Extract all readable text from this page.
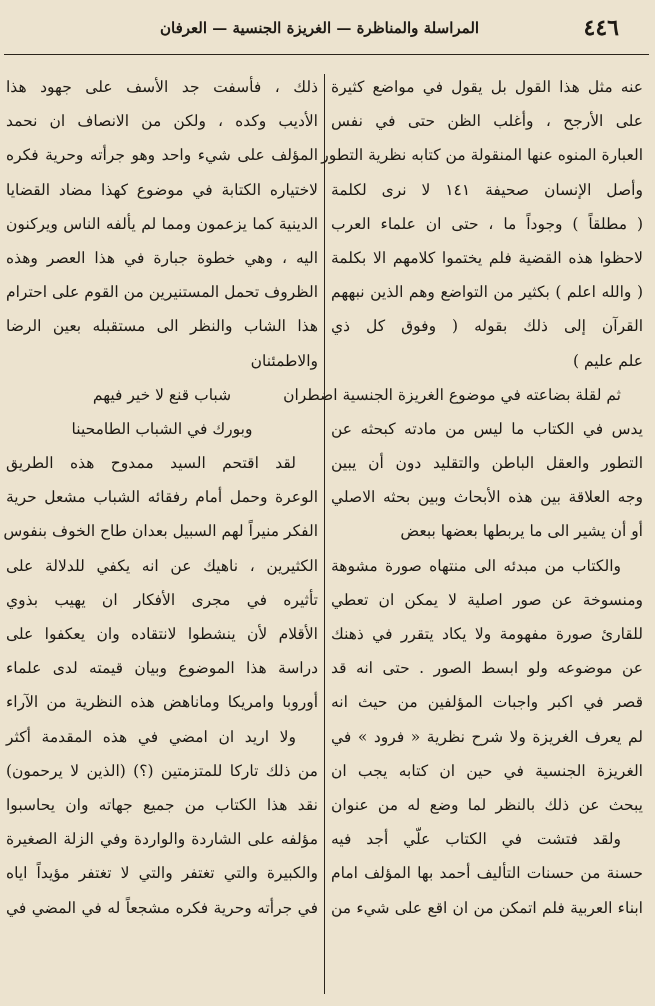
٤٤٦
المراسلة والمناظرة — الغريزة الجنسية — العرفان
عنه مثل هذا القول بل يقول في مواضع كثيرة
على الأرجح ، وأغلب الظن حتى في نفس
العبارة المنوه عنها المنقولة من كتابه نظرية التطور
وأصل الإنسان صحيفة ١٤١ لا نرى لكلمة
( مطلقاً ) وجوداً ما ، حتى ان علماء العرب
لاحظوا هذه القضية فلم يختموا كلامهم الا بكلمة
( والله اعلم ) بكثير من التواضع وهم الذين نبههم
القرآن إلى ذلك بقوله ( وفوق كل ذي
علم عليم )
ثم لقلة بضاعته في موضوع الغريزة الجنسية اضطران
يدس في الكتاب ما ليس من مادته كبحثه عن
التطور والعقل الباطن والتقليد دون أن يبين
وجه العلاقة بين هذه الأبحاث وبين بحثه الاصلي
أو أن يشير الى ما يربطها بعضها ببعض
والكتاب من مبدئه الى منتهاه صورة مشوهة
ومنسوخة عن صور اصلية لا يمكن ان تعطي
للقارئ صورة مفهومة ولا يكاد يتقرر في ذهنك
عن موضوعه ولو ابسط الصور . حتى انه قد
قصر في اكبر واجبات المؤلفين من حيث انه
لم يعرف الغريزة ولا شرح نظرية « فرود » في
الغريزة الجنسية في حين ان كتابه يجب ان
يبحث عن ذلك بالنظر لما وضع له من عنوان
ولقد فتشت في الكتاب علّي أجد فيه
حسنة من حسنات التأليف أحمد بها المؤلف امام
ابناء العربية فلم اتمكن من ان اقع على شيء من
ذلك ، فأسفت جد الأسف على جهود هذا
الأديب وكده ، ولكن من الانصاف ان نحمد
المؤلف على شيء واحد وهو جرأته وحرية فكره
لاختياره الكتابة في موضوع كهذا مضاد القضايا
الدينية كما يزعمون ومما لم يألفه الناس ويركنون
اليه ، وهي خطوة جبارة في هذا العصر وهذه
الظروف تحمل المستنيرين من القوم على احترام
هذا الشاب والنظر الى مستقبله بعين الرضا
والاطمئنان
شباب قنع لا خير فيهم
وبورك في الشباب الطامحينا
لقد اقتحم السيد ممدوح هذه الطريق
الوعرة وحمل أمام رفقائه الشباب مشعل حرية
الفكر منيراً لهم السبيل بعدان طاح الخوف بنفوس
الكثيرين ، ناهيك عن انه يكفي للدلالة على
تأثيره في مجرى الأفكار ان يهيب بذوي
الأقلام لأن ينشطوا لانتقاده وان يعكفوا على
دراسة هذا الموضوع وبيان قيمته لدى علماء
أوروبا وامريكا وماناهض هذه النظرية من الآراء
ولا اريد ان امضي في هذه المقدمة أكثر
من ذلك تاركا للمتزمتين (؟) (الذين لا يرحمون)
نقد هذا الكتاب من جميع جهاته وان يحاسبوا
مؤلفه على الشاردة والواردة وفي الزلة الصغيرة
والكبيرة والتي تغتفر والتي لا تغتفر مؤيداً اياه
في جرأته وحرية فكره مشجعاً له في المضي في
